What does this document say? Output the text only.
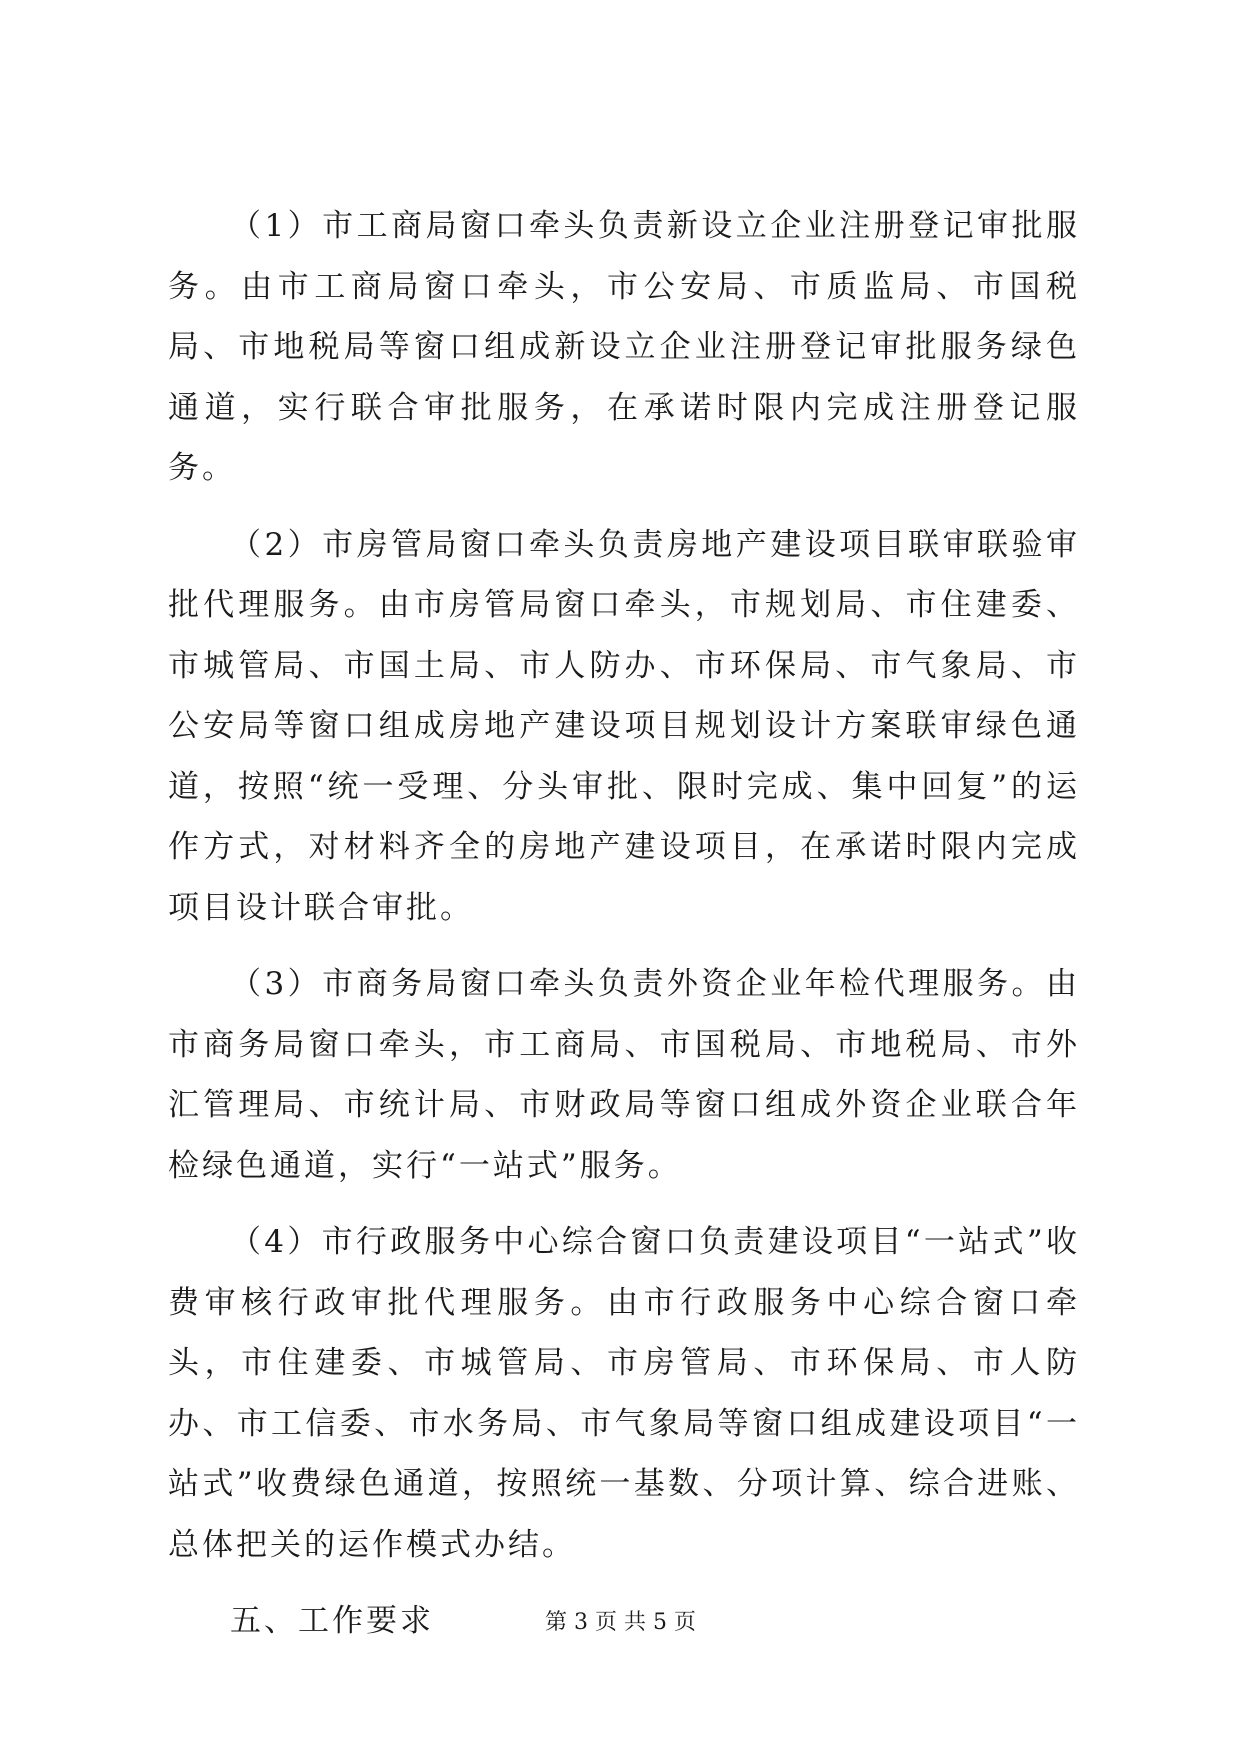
（1）市工商局窗口牵头负责新设立企业注册登记审批服务。由市工商局窗口牵头，市公安局、市质监局、市国税局、市地税局等窗口组成新设立企业注册登记审批服务绿色通道，实行联合审批服务，在承诺时限内完成注册登记服务。

（2）市房管局窗口牵头负责房地产建设项目联审联验审批代理服务。由市房管局窗口牵头，市规划局、市住建委、市城管局、市国土局、市人防办、市环保局、市气象局、市公安局等窗口组成房地产建设项目规划设计方案联审绿色通道，按照“统一受理、分头审批、限时完成、集中回复”的运作方式，对材料齐全的房地产建设项目，在承诺时限内完成项目设计联合审批。

（3）市商务局窗口牵头负责外资企业年检代理服务。由市商务局窗口牵头，市工商局、市国税局、市地税局、市外汇管理局、市统计局、市财政局等窗口组成外资企业联合年检绿色通道，实行“一站式”服务。

（4）市行政服务中心综合窗口负责建设项目“一站式”收费审核行政审批代理服务。由市行政服务中心综合窗口牵头，市住建委、市城管局、市房管局、市环保局、市人防办、市工信委、市水务局、市气象局等窗口组成建设项目“一站式”收费绿色通道，按照统一基数、分项计算、综合进账、总体把关的运作模式办结。

五、工作要求	第 3 页 共 5 页
